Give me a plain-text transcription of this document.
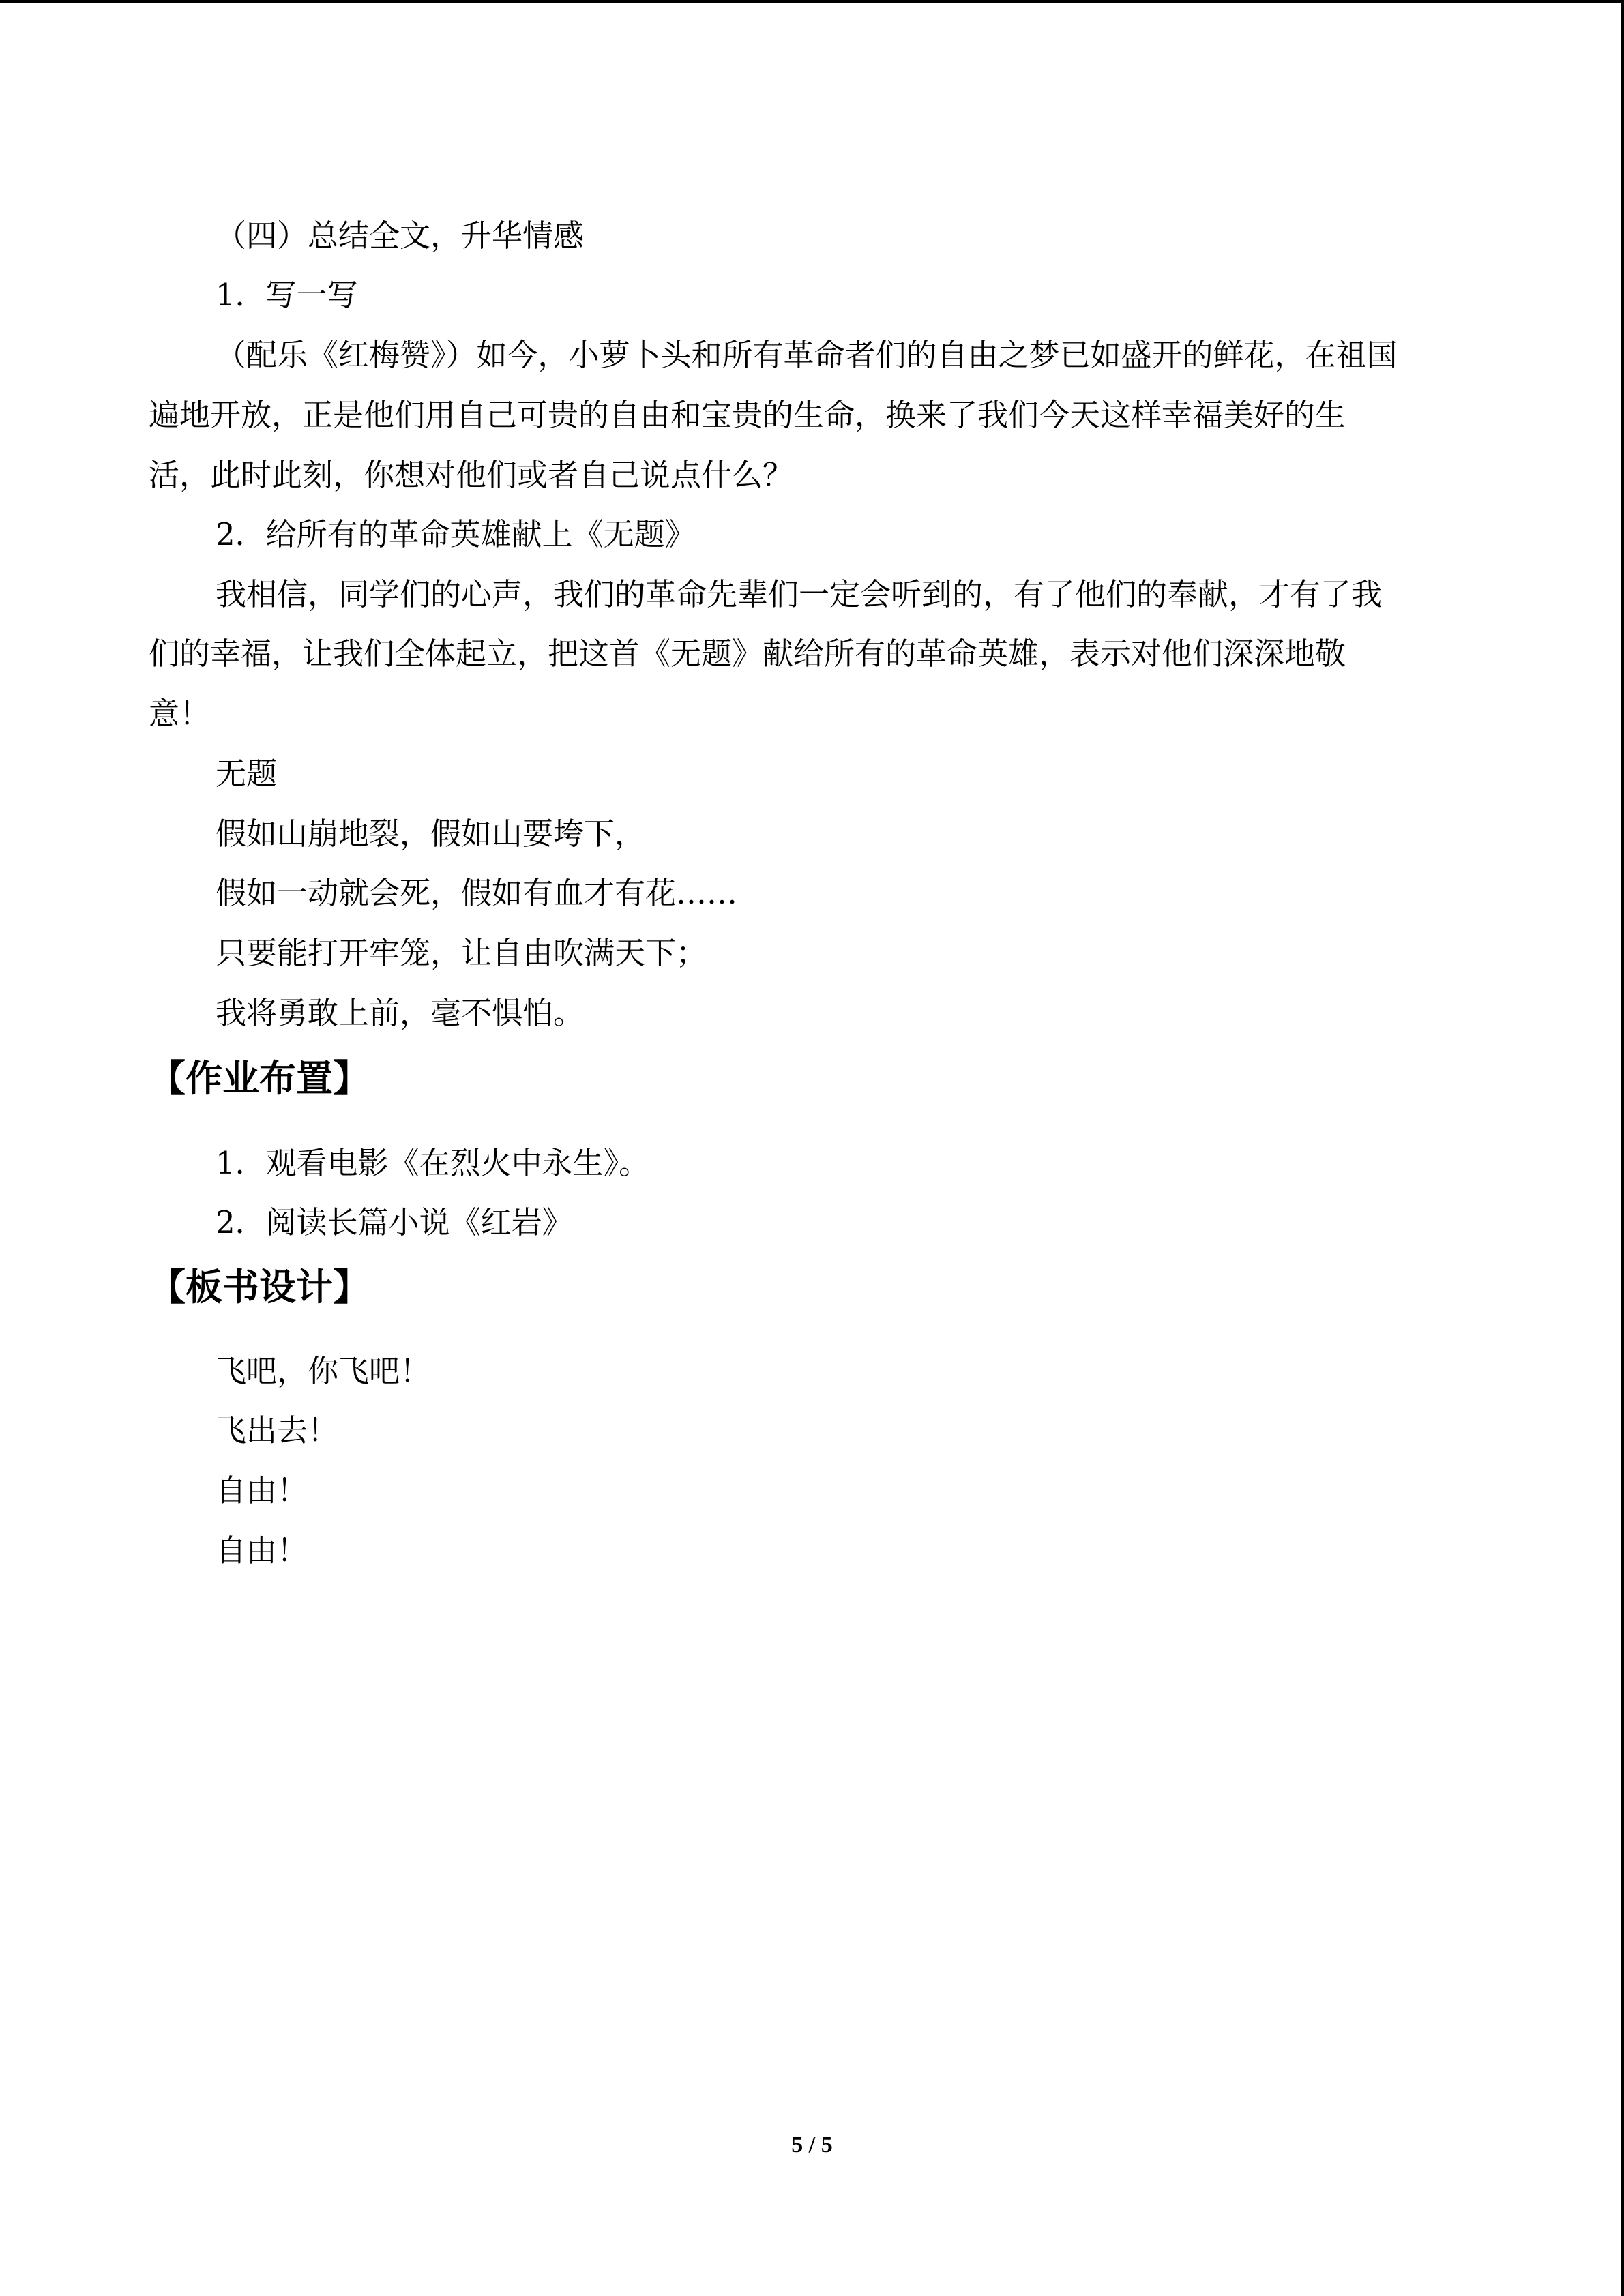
（四）总结全文，升华情感
1．写一写
（配乐《红梅赞》）如今，小萝卜头和所有革命者们的自由之梦已如盛开的鲜花，在祖国
遍地开放，正是他们用自己可贵的自由和宝贵的生命，换来了我们今天这样幸福美好的生
活，此时此刻，你想对他们或者自己说点什么？
2．给所有的革命英雄献上《无题》
我相信，同学们的心声，我们的革命先辈们一定会听到的，有了他们的奉献，才有了我
们的幸福，让我们全体起立，把这首《无题》献给所有的革命英雄，表示对他们深深地敬
意！
无题
假如山崩地裂，假如山要垮下，
假如一动就会死，假如有血才有花……
只要能打开牢笼，让自由吹满天下；
我将勇敢上前，毫不惧怕。
【作业布置】
1．观看电影《在烈火中永生》。
2．阅读长篇小说《红岩》
【板书设计】
飞吧，你飞吧！
飞出去！
自由！
自由！
5 / 5
